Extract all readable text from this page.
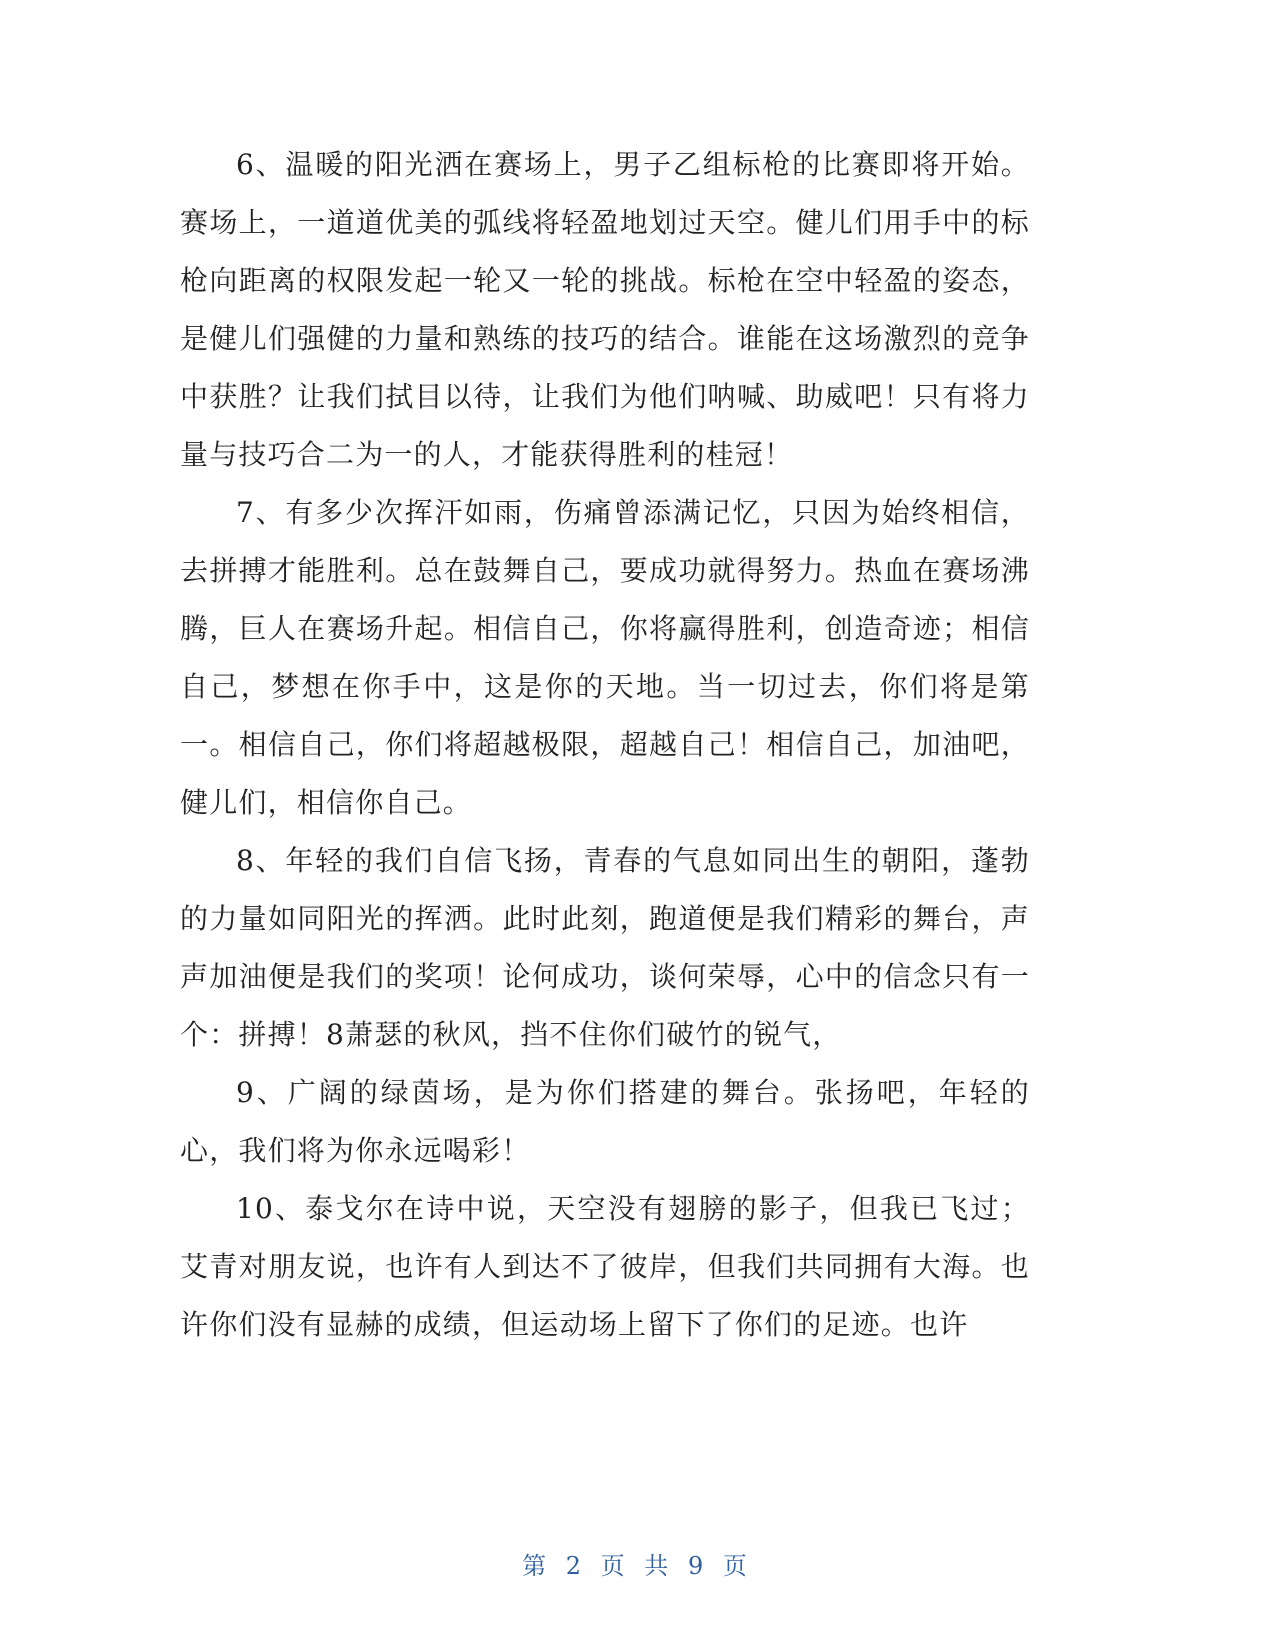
6、温暖的阳光洒在赛场上，男子乙组标枪的比赛即将开始。赛场上，一道道优美的弧线将轻盈地划过天空。健儿们用手中的标枪向距离的权限发起一轮又一轮的挑战。标枪在空中轻盈的姿态，是健儿们强健的力量和熟练的技巧的结合。谁能在这场激烈的竞争中获胜？让我们拭目以待，让我们为他们呐喊、助威吧！只有将力量与技巧合二为一的人，才能获得胜利的桂冠！

7、有多少次挥汗如雨，伤痛曾添满记忆，只因为始终相信，去拼搏才能胜利。总在鼓舞自己，要成功就得努力。热血在赛场沸腾，巨人在赛场升起。相信自己，你将赢得胜利，创造奇迹；相信自己，梦想在你手中，这是你的天地。当一切过去，你们将是第一。相信自己，你们将超越极限，超越自己！相信自己，加油吧，健儿们，相信你自己。

8、年轻的我们自信飞扬，青春的气息如同出生的朝阳，蓬勃的力量如同阳光的挥洒。此时此刻，跑道便是我们精彩的舞台，声声加油便是我们的奖项！论何成功，谈何荣辱，心中的信念只有一个：拼搏！8萧瑟的秋风，挡不住你们破竹的锐气，

9、广阔的绿茵场，是为你们搭建的舞台。张扬吧，年轻的心，我们将为你永远喝彩！

10、泰戈尔在诗中说，天空没有翅膀的影子，但我已飞过；艾青对朋友说，也许有人到达不了彼岸，但我们共同拥有大海。也许你们没有显赫的成绩，但运动场上留下了你们的足迹。也许

第 2 页 共 9 页
